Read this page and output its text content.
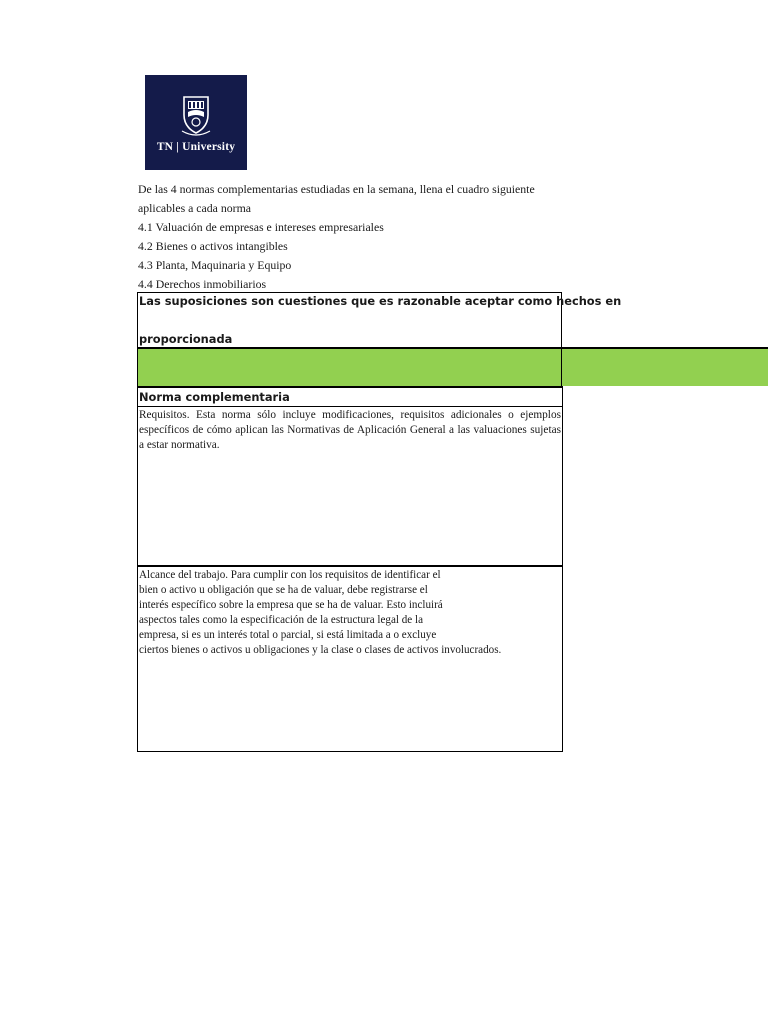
TN | University
De las 4 normas complementarias estudiadas en la semana, llena el cuadro siguiente
aplicables a cada norma
4.1 Valuación de empresas e intereses empresariales
4.2 Bienes o activos intangibles
4.3 Planta, Maquinaria y Equipo
4.4 Derechos inmobiliarios
Las suposiciones son cuestiones que es razonable aceptar como hechos en
proporcionada
Norma complementaria
Requisitos. Esta norma sólo incluye modificaciones, requisitos adicionales o ejemplos específicos de cómo aplican las Normativas de Aplicación General a las valuaciones sujetas a estar normativa.
Alcance del trabajo. Para cumplir con los requisitos de identificar el
bien o activo u obligación que se ha de valuar, debe registrarse el
interés específico sobre la empresa que se ha de valuar. Esto incluirá
aspectos tales como la especificación de la estructura legal de la
empresa, si es un interés total o parcial, si está limitada a o excluye
ciertos bienes o activos u obligaciones y la clase o clases de activos involucrados.
